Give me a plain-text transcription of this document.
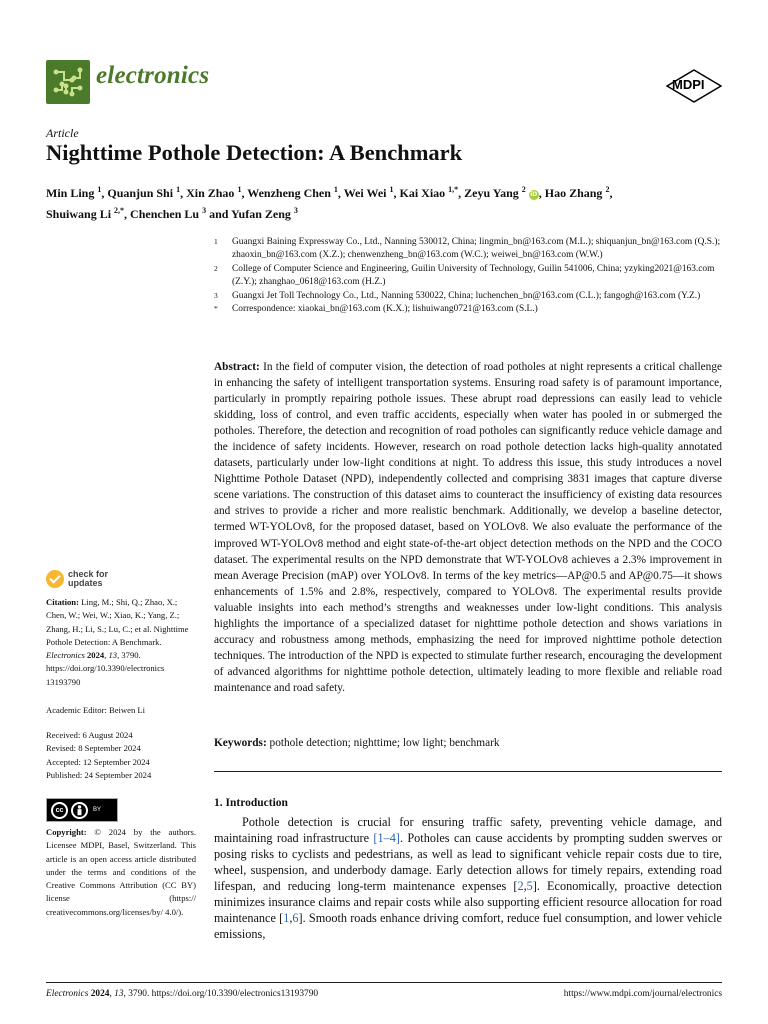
electronics	MDPI
Article
Nighttime Pothole Detection: A Benchmark
Min Ling $^1$, Quanjun Shi $^1$, Xin Zhao $^1$, Wenzheng Chen $^1$, Wei Wei $^1$, Kai Xiao $^{1,*}$, Zeyu Yang $^2$ iD, Hao Zhang $^2$,
Shuiwang Li $^{2,*}$, Chenchen Lu $^3$ and Yufan Zeng $^3$
1 Guangxi Baining Expressway Co., Ltd., Nanning 530012, China; lingmin_bn@163.com (M.L.); shiquanjun_bn@163.com (Q.S.); zhaoxin_bn@163.com (X.Z.); chenwenzheng_bn@163.com (W.C.); weiwei_bn@163.com (W.W.)
2 College of Computer Science and Engineering, Guilin University of Technology, Guilin 541006, China; yzyking2021@163.com (Z.Y.); zhanghao_0618@163.com (H.Z.)
3 Guangxi Jet Toll Technology Co., Ltd., Nanning 530022, China; luchenchen_bn@163.com (C.L.); fangogh@163.com (Y.Z.)
* Correspondence: xiaokai_bn@163.com (K.X.); lishuiwang0721@163.com (S.L.)

Abstract: In the field of computer vision, the detection of road potholes at night represents a critical challenge in enhancing the safety of intelligent transportation systems. Ensuring road safety is of paramount importance, particularly in promptly repairing pothole issues. These abrupt road depressions can easily lead to vehicle skidding, loss of control, and even traffic accidents, especially when water has pooled in or submerged the potholes. Therefore, the detection and recognition of road potholes can significantly reduce vehicle damage and the incidence of safety incidents. However, research on road pothole detection lacks high-quality annotated datasets, particularly under low-light conditions at night. To address this issue, this study introduces a novel Nighttime Pothole Dataset (NPD), independently collected and comprising 3831 images that capture diverse scene variations. The construction of this dataset aims to counteract the insufficiency of existing data resources and strives to provide a richer and more realistic benchmark. Additionally, we develop a baseline detector, termed WT-YOLOv8, for the proposed dataset, based on YOLOv8. We also evaluate the performance of the improved WT-YOLOv8 method and eight state-of-the-art object detection methods on the NPD and the COCO dataset. The experimental results on the NPD demonstrate that WT-YOLOv8 achieves a 2.3% improvement in mean Average Precision (mAP) over YOLOv8. In terms of the key metrics—AP@0.5 and AP@0.75—it shows enhancements of 1.5% and 2.8%, respectively, compared to YOLOv8. The experimental results provide valuable insights into each method’s strengths and weaknesses under low-light conditions. This analysis highlights the importance of a specialized dataset for nighttime pothole detection and shows variations in accuracy and robustness among methods, emphasizing the need for improved nighttime pothole detection techniques. The introduction of the NPD is expected to stimulate further research, encouraging the development of advanced algorithms for nighttime pothole detection, ultimately leading to more flexible and reliable road maintenance and road safety.

Keywords: pothole detection; nighttime; low light; benchmark
1. Introduction

Pothole detection is crucial for ensuring traffic safety, preventing vehicle damage, and maintaining road infrastructure [1–4]. Potholes can cause accidents by prompting sudden swerves or posing risks to cyclists and pedestrians, as well as lead to significant vehicle repair costs due to tire, wheel, suspension, and underbody damage. Early detection allows for timely repairs, extending road lifespan, and reducing long-term maintenance expenses [2,5]. Economically, proactive detection minimizes insurance claims and repair costs while also supporting efficient resource allocation for road maintenance [1,6]. Smooth roads enhance driving comfort, reduce fuel consumption, and lower vehicle emissions,

check for
updates
Citation: Ling, M.; Shi, Q.; Zhao, X.; Chen, W.; Wei, W.; Xiao, K.; Yang, Z.; Zhang, H.; Li, S.; Lu, C.; et al. Nighttime Pothole Detection: A Benchmark. Electronics 2024, 13, 3790. https://doi.org/10.3390/electronics 13193790
Academic Editor: Beiwen Li
Received: 6 August 2024
Revised: 8 September 2024
Accepted: 12 September 2024
Published: 24 September 2024
cc	BY
Copyright: © 2024 by the authors. Licensee MDPI, Basel, Switzerland. This article is an open access article distributed under the terms and conditions of the Creative Commons Attribution (CC BY) license (https:// creativecommons.org/licenses/by/ 4.0/).
Electronics 2024, 13, 3790. https://doi.org/10.3390/electronics13193790	https://www.mdpi.com/journal/electronics
